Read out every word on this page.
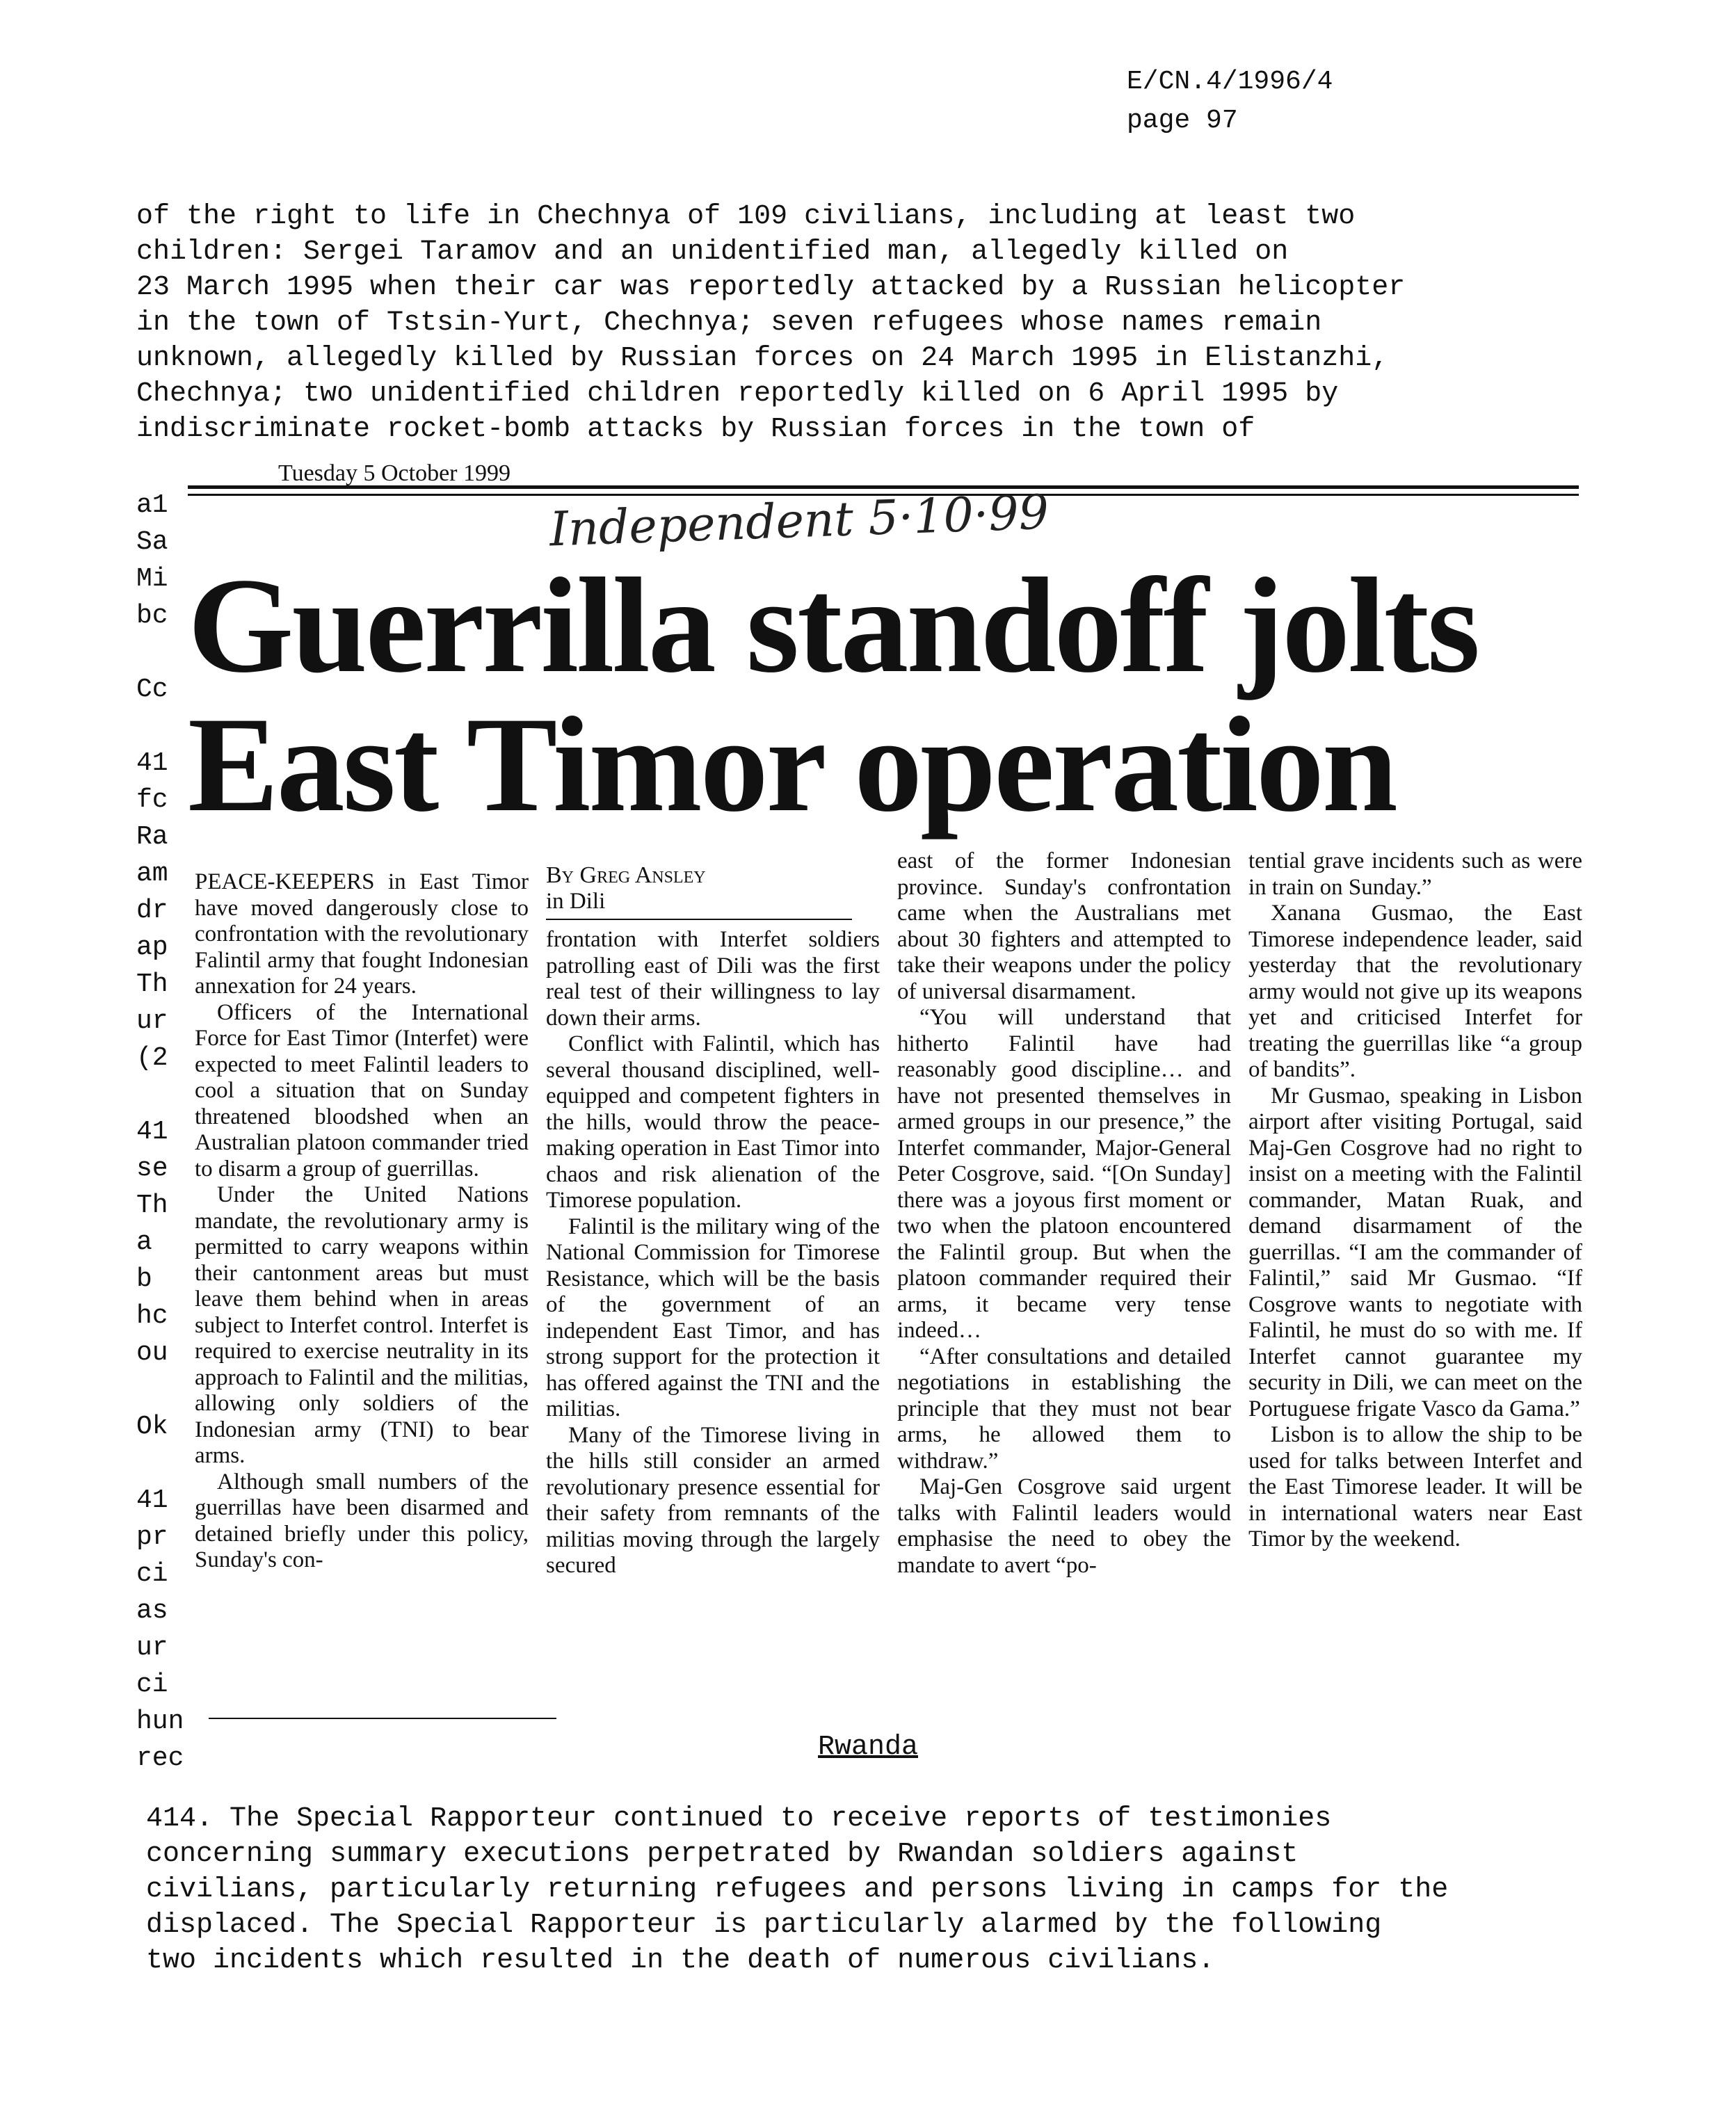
E/CN.4/1996/4
page 97

of the right to life in Chechnya of 109 civilians, including at least two

children: Sergei Taramov and an unidentified man, allegedly killed on

23 March 1995 when their car was reportedly attacked by a Russian helicopter

in the town of Tstsin-Yurt, Chechnya; seven refugees whose names remain

unknown, allegedly killed by Russian forces on 24 March 1995 in Elistanzhi,

Chechnya; two unidentified children reportedly killed on 6 April 1995 by

indiscriminate rocket-bomb attacks by Russian forces in the town of

a1
Sa
Mi
bc
Cc
41
fc
Ra
am
dr
ap
Th
ur
(2
41
se
Th
a
b
hc
ou
Ok
41
pr
ci
as
ur
ci
hun
rec
Tuesday 5 October 1999
Independent 5·10·99
Guerrilla standoff jolts
East Timor operation

PEACE-KEEPERS in East Timor have moved dangerously close to confrontation with the revolutionary Falintil army that fought Indonesian annexation for 24 years.

Officers of the International Force for East Timor (Interfet) were expected to meet Falintil leaders to cool a situation that on Sunday threatened bloodshed when an Australian platoon commander tried to disarm a group of guerrillas.

Under the United Nations mandate, the revolutionary army is permitted to carry weapons within their cantonment areas but must leave them behind when in areas subject to Interfet control. Interfet is required to exercise neutrality in its approach to Falintil and the militias, allowing only soldiers of the Indonesian army (TNI) to bear arms.

Although small numbers of the guerrillas have been disarmed and detained briefly under this policy, Sunday's con-

By Greg Ansley
in Dili

frontation with Interfet soldiers patrolling east of Dili was the first real test of their willingness to lay down their arms.

Conflict with Falintil, which has several thousand disciplined, well-equipped and competent fighters in the hills, would throw the peace-making operation in East Timor into chaos and risk alienation of the Timorese population.

Falintil is the military wing of the National Commission for Timorese Resistance, which will be the basis of the government of an independent East Timor, and has strong support for the protection it has offered against the TNI and the militias.

Many of the Timorese living in the hills still consider an armed revolutionary presence essential for their safety from remnants of the militias moving through the largely secured

east of the former Indonesian province. Sunday's confrontation came when the Australians met about 30 fighters and attempted to take their weapons under the policy of universal disarmament.

“You will understand that hitherto Falintil have had reasonably good discipline… and have not presented themselves in armed groups in our presence,” the Interfet commander, Major-General Peter Cosgrove, said. “[On Sunday] there was a joyous first moment or two when the platoon encountered the Falintil group. But when the platoon commander required their arms, it became very tense indeed…

“After consultations and detailed negotiations in establishing the principle that they must not bear arms, he allowed them to withdraw.”

Maj-Gen Cosgrove said urgent talks with Falintil leaders would emphasise the need to obey the mandate to avert “po-

tential grave incidents such as were in train on Sunday.”

Xanana Gusmao, the East Timorese independence leader, said yesterday that the revolutionary army would not give up its weapons yet and criticised Interfet for treating the guerrillas like “a group of bandits”.

Mr Gusmao, speaking in Lisbon airport after visiting Portugal, said Maj-Gen Cosgrove had no right to insist on a meeting with the Falintil commander, Matan Ruak, and demand disarmament of the guerrillas. “I am the commander of Falintil,” said Mr Gusmao. “If Cosgrove wants to negotiate with Falintil, he must do so with me. If Interfet cannot guarantee my security in Dili, we can meet on the Portuguese frigate Vasco da Gama.”

Lisbon is to allow the ship to be used for talks between Interfet and the East Timorese leader. It will be in international waters near East Timor by the weekend.

Rwanda

414. The Special Rapporteur continued to receive reports of testimonies

concerning summary executions perpetrated by Rwandan soldiers against

civilians, particularly returning refugees and persons living in camps for the

displaced. The Special Rapporteur is particularly alarmed by the following

two incidents which resulted in the death of numerous civilians.
